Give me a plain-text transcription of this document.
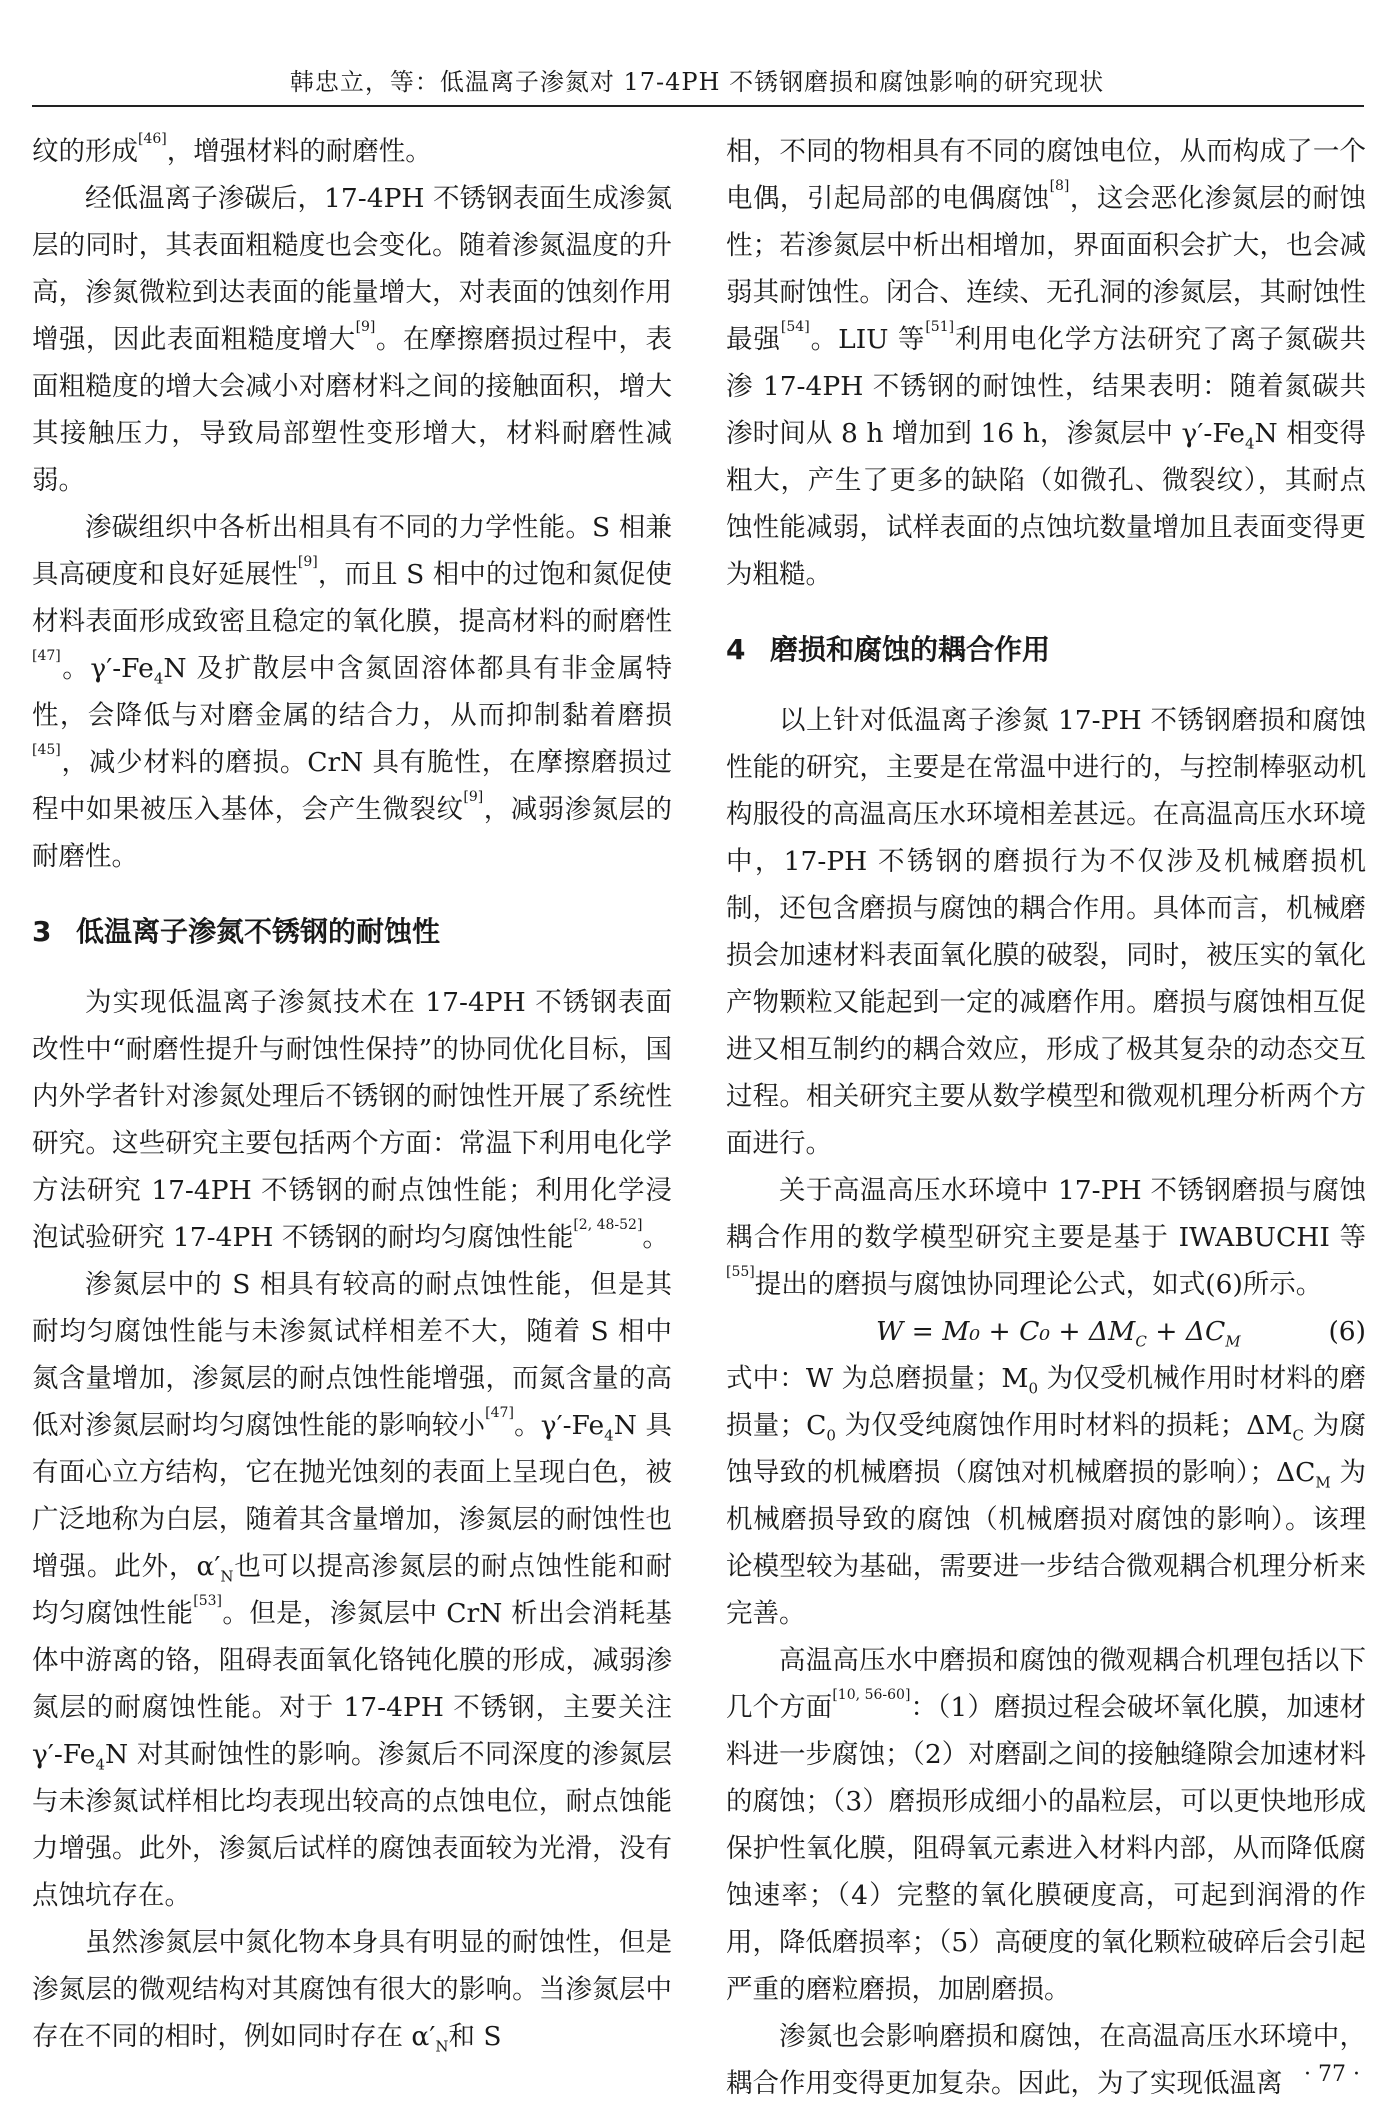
韩忠立，等：低温离子渗氮对 17-4PH 不锈钢磨损和腐蚀影响的研究现状

纹的形成[46]，增强材料的耐磨性。

经低温离子渗碳后，17-4PH 不锈钢表面生成渗氮层的同时，其表面粗糙度也会变化。随着渗氮温度的升高，渗氮微粒到达表面的能量增大，对表面的蚀刻作用增强，因此表面粗糙度增大[9]。在摩擦磨损过程中，表面粗糙度的增大会减小对磨材料之间的接触面积，增大其接触压力，导致局部塑性变形增大，材料耐磨性减弱。

渗碳组织中各析出相具有不同的力学性能。S 相兼具高硬度和良好延展性[9]，而且 S 相中的过饱和氮促使材料表面形成致密且稳定的氧化膜，提高材料的耐磨性[47]。$\gamma'-Fe_4N$ 及扩散层中含氮固溶体都具有非金属特性，会降低与对磨金属的结合力，从而抑制黏着磨损[45]，减少材料的磨损。CrN 具有脆性，在摩擦磨损过程中如果被压入基体，会产生微裂纹[9]，减弱渗氮层的耐磨性。

3 低温离子渗氮不锈钢的耐蚀性

为实现低温离子渗氮技术在 17-4PH 不锈钢表面改性中“耐磨性提升与耐蚀性保持”的协同优化目标，国内外学者针对渗氮处理后不锈钢的耐蚀性开展了系统性研究。这些研究主要包括两个方面：常温下利用电化学方法研究 17-4PH 不锈钢的耐点蚀性能；利用化学浸泡试验研究 17-4PH 不锈钢的耐均匀腐蚀性能[2, 48-52]。

渗氮层中的 S 相具有较高的耐点蚀性能，但是其耐均匀腐蚀性能与未渗氮试样相差不大，随着 S 相中氮含量增加，渗氮层的耐点蚀性能增强，而氮含量的高低对渗氮层耐均匀腐蚀性能的影响较小[47]。$\gamma'-Fe_4N$ 具有面心立方结构，它在抛光蚀刻的表面上呈现白色，被广泛地称为白层，随着其含量增加，渗氮层的耐蚀性也增强。此外，$\alpha'_N$也可以提高渗氮层的耐点蚀性能和耐均匀腐蚀性能[53]。但是，渗氮层中 CrN 析出会消耗基体中游离的铬，阻碍表面氧化铬钝化膜的形成，减弱渗氮层的耐腐蚀性能。对于 17-4PH 不锈钢，主要关注 $\gamma'-Fe_4N$ 对其耐蚀性的影响。渗氮后不同深度的渗氮层与未渗氮试样相比均表现出较高的点蚀电位，耐点蚀能力增强。此外，渗氮后试样的腐蚀表面较为光滑，没有点蚀坑存在。

虽然渗氮层中氮化物本身具有明显的耐蚀性，但是渗氮层的微观结构对其腐蚀有很大的影响。当渗氮层中存在不同的相时，例如同时存在 $\alpha'_N$和 S

相，不同的物相具有不同的腐蚀电位，从而构成了一个电偶，引起局部的电偶腐蚀[8]，这会恶化渗氮层的耐蚀性；若渗氮层中析出相增加，界面面积会扩大，也会减弱其耐蚀性。闭合、连续、无孔洞的渗氮层，其耐蚀性最强[54]。LIU 等[51]利用电化学方法研究了离子氮碳共渗 17-4PH 不锈钢的耐蚀性，结果表明：随着氮碳共渗时间从 8 h 增加到 16 h，渗氮层中 $\gamma'-Fe_4N$ 相变得粗大，产生了更多的缺陷（如微孔、微裂纹），其耐点蚀性能减弱，试样表面的点蚀坑数量增加且表面变得更为粗糙。

4 磨损和腐蚀的耦合作用

以上针对低温离子渗氮 17-PH 不锈钢磨损和腐蚀性能的研究，主要是在常温中进行的，与控制棒驱动机构服役的高温高压水环境相差甚远。在高温高压水环境中，17-PH 不锈钢的磨损行为不仅涉及机械磨损机制，还包含磨损与腐蚀的耦合作用。具体而言，机械磨损会加速材料表面氧化膜的破裂，同时，被压实的氧化产物颗粒又能起到一定的减磨作用。磨损与腐蚀相互促进又相互制约的耦合效应，形成了极其复杂的动态交互过程。相关研究主要从数学模型和微观机理分析两个方面进行。

关于高温高压水环境中 17-PH 不锈钢磨损与腐蚀耦合作用的数学模型研究主要是基于 IWABUCHI 等[55]提出的磨损与腐蚀协同理论公式，如式(6)所示。

$W = M_0 + C_0 + \Delta M_C + \Delta C_M$	(6)

式中：W 为总磨损量；$M_0$ 为仅受机械作用时材料的磨损量；$C_0$ 为仅受纯腐蚀作用时材料的损耗；$\Delta M_C$ 为腐蚀导致的机械磨损（腐蚀对机械磨损的影响）；$\Delta C_M$ 为机械磨损导致的腐蚀（机械磨损对腐蚀的影响）。该理论模型较为基础，需要进一步结合微观耦合机理分析来完善。

高温高压水中磨损和腐蚀的微观耦合机理包括以下几个方面[10, 56-60]：（1）磨损过程会破坏氧化膜，加速材料进一步腐蚀；（2）对磨副之间的接触缝隙会加速材料的腐蚀；（3）磨损形成细小的晶粒层，可以更快地形成保护性氧化膜，阻碍氧元素进入材料内部，从而降低腐蚀速率；（4）完整的氧化膜硬度高，可起到润滑的作用，降低磨损率；（5）高硬度的氧化颗粒破碎后会引起严重的磨粒磨损，加剧磨损。

渗氮也会影响磨损和腐蚀，在高温高压水环境中，耦合作用变得更加复杂。因此，为了实现低温离 · 77 ·
